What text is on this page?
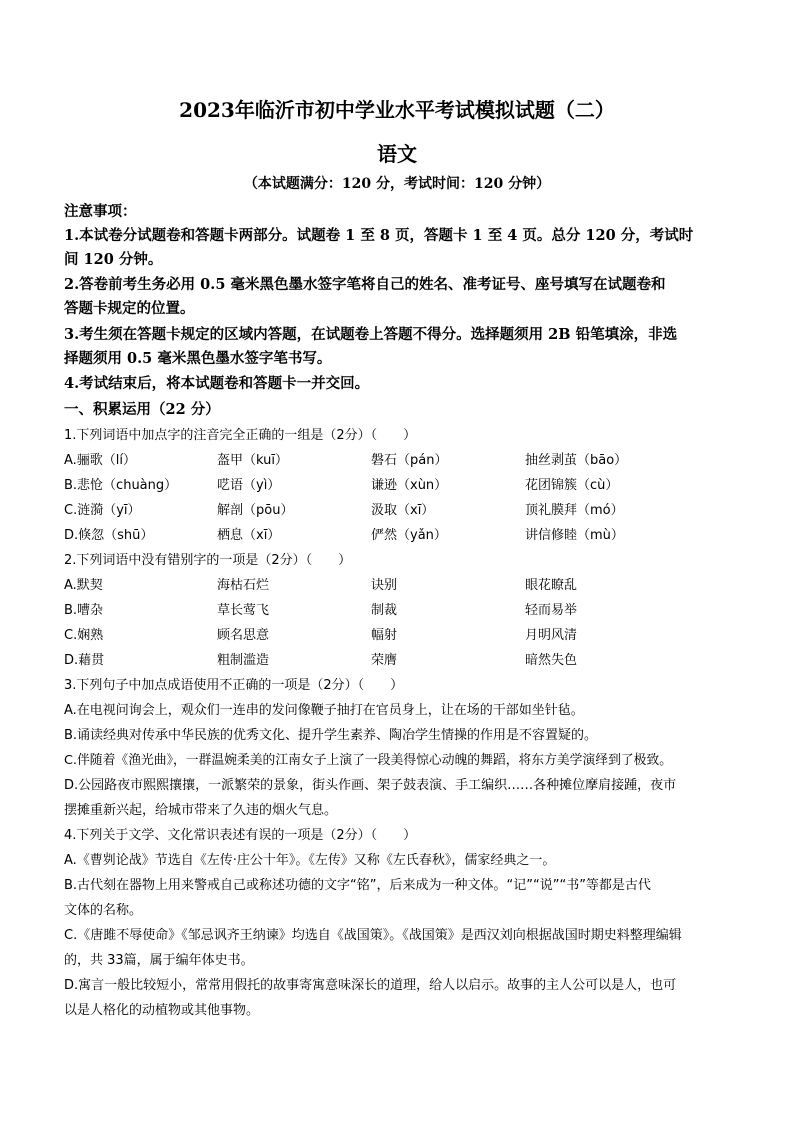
2023年临沂市初中学业水平考试模拟试题（二）
语文
（本试题满分：120 分，考试时间：120 分钟）
注意事项：
1.本试卷分试题卷和答题卡两部分。试题卷 1 至 8 页，答题卡 1 至 4 页。总分 120 分，考试时
间 120 分钟。
2.答卷前考生务必用 0.5 毫米黑色墨水签字笔将自己的姓名、准考证号、座号填写在试题卷和
答题卡规定的位置。
3.考生须在答题卡规定的区域内答题，在试题卷上答题不得分。选择题须用 2B 铅笔填涂，非选
择题须用 0.5 毫米黑色墨水签字笔书写。
4.考试结束后，将本试题卷和答题卡一并交回。
一、积累运用（22 分）
1.下列词语中加点字的注音完全正确的一组是（2分）（　　）
A.骊歌（lí）	盔甲（kuī）	磐石（pán）	抽丝剥茧（bāo）
B.悲怆（chuàng）	呓语（yì）	谦逊（xùn）	花团锦簇（cù）
C.涟漪（yī）	解剖（pōu）	汲取（xī）	顶礼膜拜（mó）
D.倏忽（shū）	栖息（xī）	俨然（yǎn）	讲信修睦（mù）
2.下列词语中没有错别字的一项是（2分）（　　）
A.默契	海枯石烂	诀别	眼花瞭乱
B.嘈杂	草长莺飞	制裁	轻而易举
C.娴熟	顾名思意	幅射	月明风清
D.藉贯	粗制滥造	荣膺	暗然失色
3.下列句子中加点成语使用不正确的一项是（2分）（　　）
A.在电视问询会上，观众们一连串的发问像鞭子抽打在官员身上，让在场的干部如坐针毡。
B.诵读经典对传承中华民族的优秀文化、提升学生素养、陶冶学生情操的作用是不容置疑的。
C.伴随着《渔光曲》，一群温婉柔美的江南女子上演了一段美得惊心动魄的舞蹈，将东方美学演绎到了极致。
D.公园路夜市熙熙攘攘，一派繁荣的景象，街头作画、架子鼓表演、手工编织……各种摊位摩肩接踵，夜市
摆摊重新兴起，给城市带来了久违的烟火气息。
4.下列关于文学、文化常识表述有误的一项是（2分）（　　）
A.《曹刿论战》节选自《左传·庄公十年》。《左传》又称《左氏春秋》，儒家经典之一。
B.古代刻在器物上用来警戒自己或称述功德的文字“铭”，后来成为一种文体。“记”“说”“书”等都是古代
文体的名称。
C.《唐雎不辱使命》《邹忌讽齐王纳谏》均选自《战国策》。《战国策》是西汉刘向根据战国时期史料整理编辑
的，共 33篇，属于编年体史书。
D.寓言一般比较短小，常常用假托的故事寄寓意味深长的道理，给人以启示。故事的主人公可以是人，也可
以是人格化的动植物或其他事物。
